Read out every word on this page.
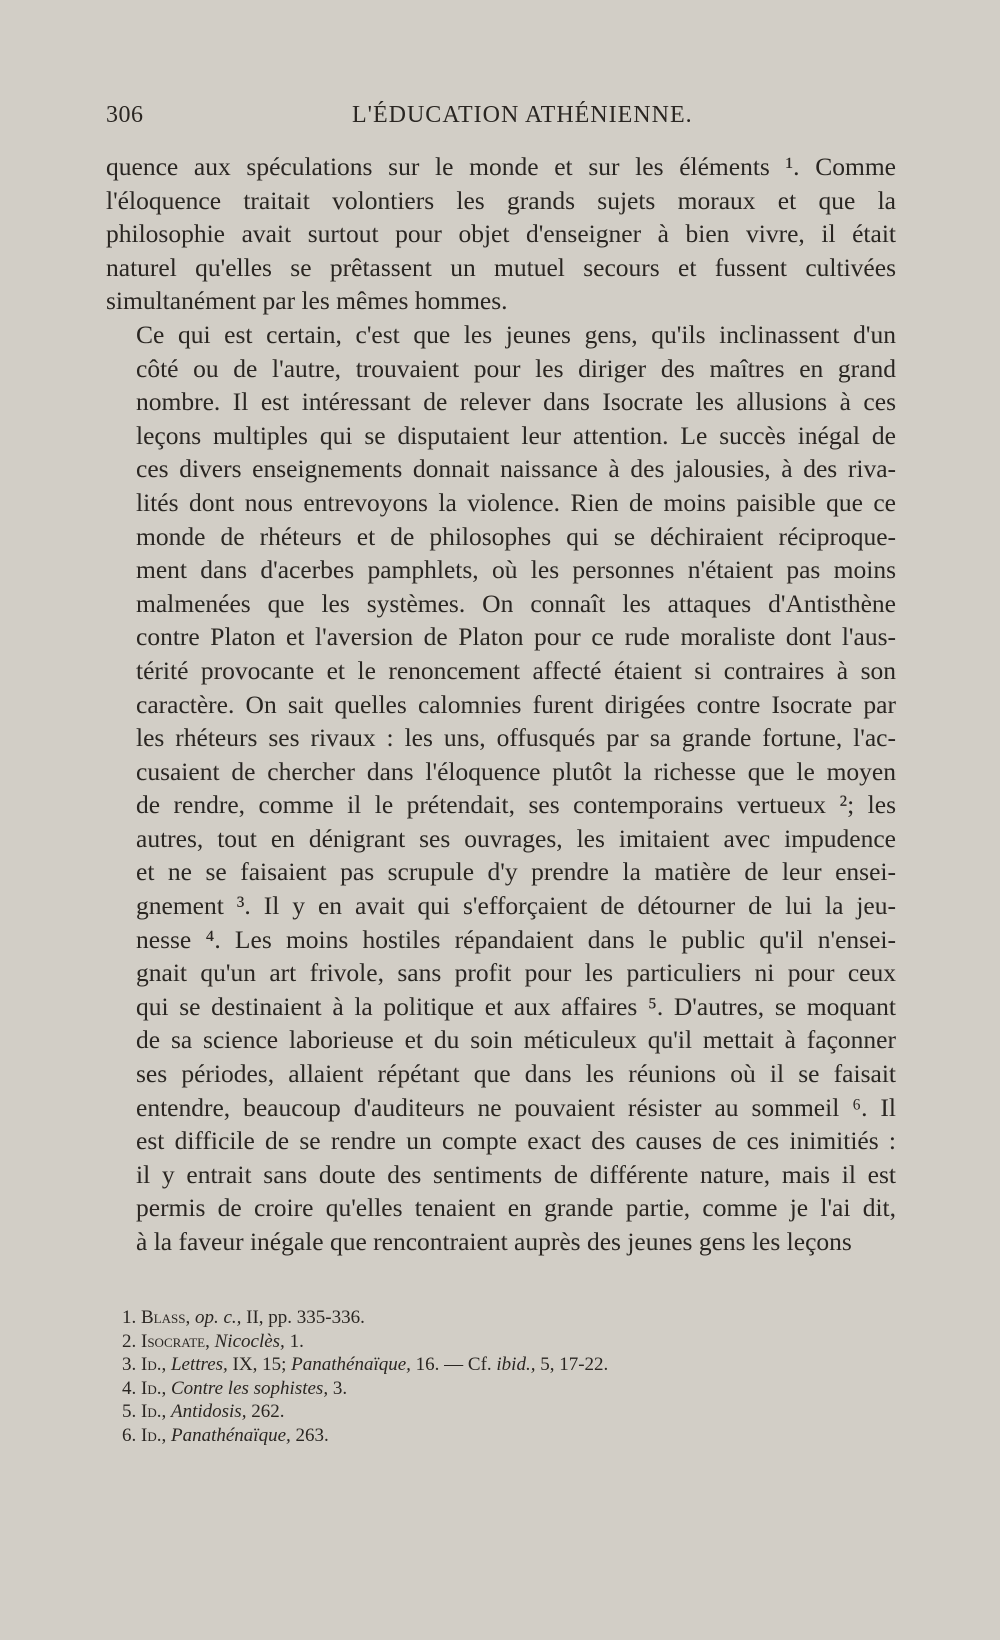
306	L'ÉDUCATION ATHÉNIENNE.

quence aux spéculations sur le monde et sur les éléments ¹. Comme
l'éloquence traitait volontiers les grands sujets moraux et que la
philosophie avait surtout pour objet d'enseigner à bien vivre, il était
naturel qu'elles se prêtassent un mutuel secours et fussent cultivées
simultanément par les mêmes hommes.

Ce qui est certain, c'est que les jeunes gens, qu'ils inclinassent d'un
côté ou de l'autre, trouvaient pour les diriger des maîtres en grand
nombre. Il est intéressant de relever dans Isocrate les allusions à ces
leçons multiples qui se disputaient leur attention. Le succès inégal de
ces divers enseignements donnait naissance à des jalousies, à des riva-
lités dont nous entrevoyons la violence. Rien de moins paisible que ce
monde de rhéteurs et de philosophes qui se déchiraient réciproque-
ment dans d'acerbes pamphlets, où les personnes n'étaient pas moins
malmenées que les systèmes. On connaît les attaques d'Antisthène
contre Platon et l'aversion de Platon pour ce rude moraliste dont l'aus-
térité provocante et le renoncement affecté étaient si contraires à son
caractère. On sait quelles calomnies furent dirigées contre Isocrate par
les rhéteurs ses rivaux : les uns, offusqués par sa grande fortune, l'ac-
cusaient de chercher dans l'éloquence plutôt la richesse que le moyen
de rendre, comme il le prétendait, ses contemporains vertueux ²; les
autres, tout en dénigrant ses ouvrages, les imitaient avec impudence
et ne se faisaient pas scrupule d'y prendre la matière de leur ensei-
gnement ³. Il y en avait qui s'efforçaient de détourner de lui la jeu-
nesse ⁴. Les moins hostiles répandaient dans le public qu'il n'ensei-
gnait qu'un art frivole, sans profit pour les particuliers ni pour ceux
qui se destinaient à la politique et aux affaires ⁵. D'autres, se moquant
de sa science laborieuse et du soin méticuleux qu'il mettait à façonner
ses périodes, allaient répétant que dans les réunions où il se faisait
entendre, beaucoup d'auditeurs ne pouvaient résister au sommeil ⁶. Il
est difficile de se rendre un compte exact des causes de ces inimitiés :
il y entrait sans doute des sentiments de différente nature, mais il est
permis de croire qu'elles tenaient en grande partie, comme je l'ai dit,
à la faveur inégale que rencontraient auprès des jeunes gens les leçons

1. Blass, op. c., II, pp. 335-336.
2. Isocrate, Nicoclès, 1.
3. Id., Lettres, IX, 15; Panathénaïque, 16. — Cf. ibid., 5, 17-22.
4. Id., Contre les sophistes, 3.
5. Id., Antidosis, 262.
6. Id., Panathénaïque, 263.
